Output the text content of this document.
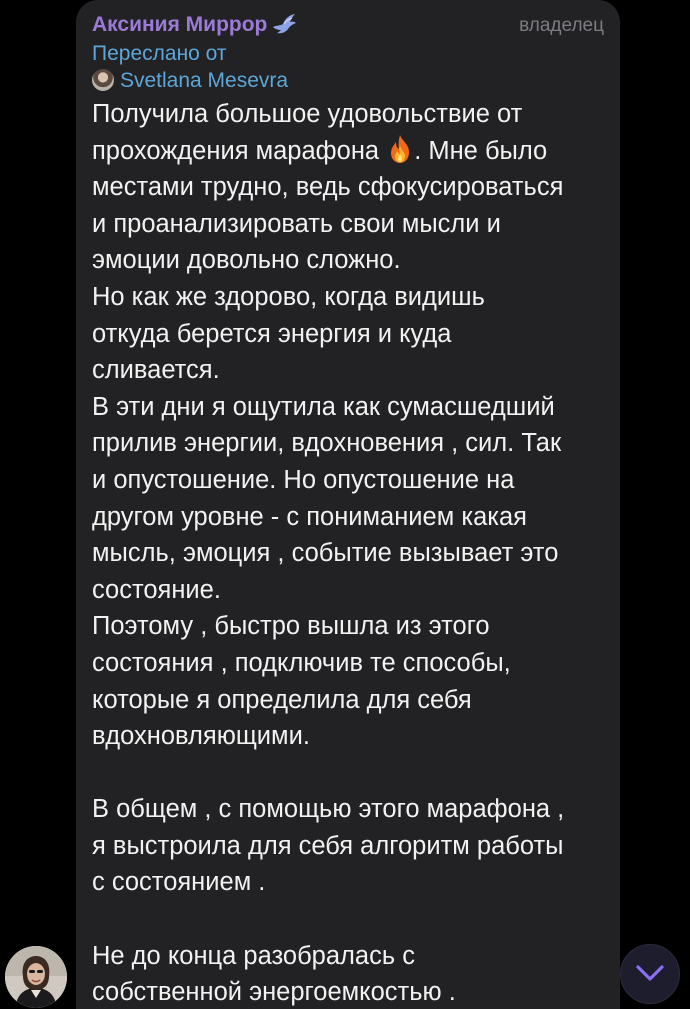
Аксиния Миррор	владелец
Переслано от
Svetlana Mesevra
Получила большое удовольствие от
прохождения марафона . Мне было
местами трудно, ведь сфокусироваться
и проанализировать свои мысли и
эмоции довольно сложно.
Но как же здорово, когда видишь
откуда берется энергия и куда
сливается.
В эти дни я ощутила как сумасшедший
прилив энергии, вдохновения , сил. Так
и опустошение. Но опустошение на
другом уровне - с пониманием какая
мысль, эмоция , событие вызывает это
состояние.
Поэтому , быстро вышла из этого
состояния , подключив те способы,
которые я определила для себя
вдохновляющими.
В общем , с помощью этого марафона ,
я выстроила для себя алгоритм работы
с состоянием .
Не до конца разобралась с
собственной энергоемкостью .
